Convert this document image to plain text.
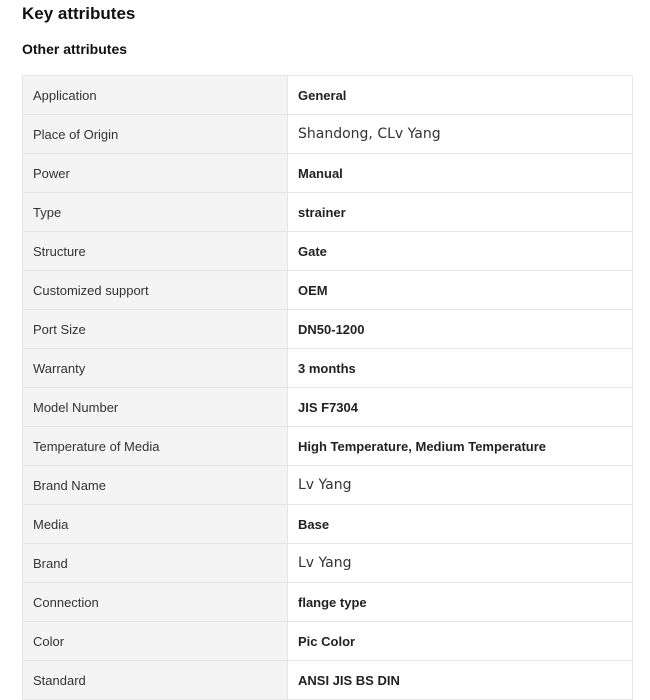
Key attributes
Other attributes
Application	General
Place of Origin	Shandong, CLv Yang
Power	Manual
Type	strainer
Structure	Gate
Customized support	OEM
Port Size	DN50-1200
Warranty	3 months
Model Number	JIS F7304
Temperature of Media	High Temperature, Medium Temperature
Brand Name	Lv Yang
Media	Base
Brand	Lv Yang
Connection	flange type
Color	Pic Color
Standard	ANSI JIS BS DIN
